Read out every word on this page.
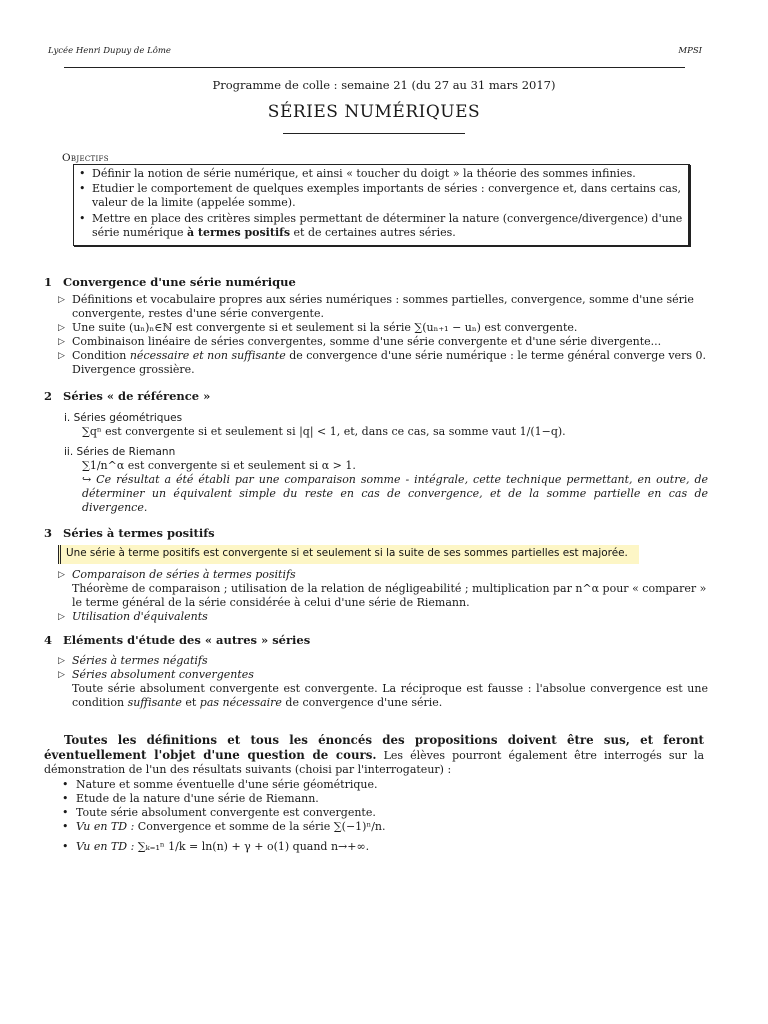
Lycée Henri Dupuy de Lôme	MPSI
Programme de colle : semaine 21 (du 27 au 31 mars 2017)
SÉRIES NUMÉRIQUES
Objectifs
• Définir la notion de série numérique, et ainsi « toucher du doigt » la théorie des sommes infinies.
• Etudier le comportement de quelques exemples importants de séries : convergence et, dans certains cas, valeur de la limite (appelée somme).
• Mettre en place des critères simples permettant de déterminer la nature (convergence/divergence) d'une série numérique à termes positifs et de certaines autres séries.
1 Convergence d'une série numérique
▷ Définitions et vocabulaire propres aux séries numériques : sommes partielles, convergence, somme d'une série convergente, restes d'une série convergente.
▷ Une suite (uₙ)ₙ∈ℕ est convergente si et seulement si la série ∑(uₙ₊₁ − uₙ) est convergente.
▷ Combinaison linéaire de séries convergentes, somme d'une série convergente et d'une série divergente...
▷ Condition nécessaire et non suffisante de convergence d'une série numérique : le terme général converge vers 0. Divergence grossière.
2 Séries « de référence »
i. Séries géométriques
∑qⁿ est convergente si et seulement si |q| < 1, et, dans ce cas, sa somme vaut 1/(1−q).
ii. Séries de Riemann
∑1/n^α est convergente si et seulement si α > 1.
↪ Ce résultat a été établi par une comparaison somme - intégrale, cette technique permettant, en outre, de déterminer un équivalent simple du reste en cas de convergence, et de la somme partielle en cas de divergence.
3 Séries à termes positifs
Une série à terme positifs est convergente si et seulement si la suite de ses sommes partielles est majorée.
▷ Comparaison de séries à termes positifs
Théorème de comparaison ; utilisation de la relation de négligeabilité ; multiplication par n^α pour « comparer » le terme général de la série considérée à celui d'une série de Riemann.
▷ Utilisation d'équivalents
4 Eléments d'étude des « autres » séries
▷ Séries à termes négatifs
▷ Séries absolument convergentes
Toute série absolument convergente est convergente. La réciproque est fausse : l'absolue convergence est une condition suffisante et pas nécessaire de convergence d'une série.
Toutes les définitions et tous les énoncés des propositions doivent être sus, et feront éventuellement l'objet d'une question de cours. Les élèves pourront également être interrogés sur la démonstration de l'un des résultats suivants (choisi par l'interrogateur) :
• Nature et somme éventuelle d'une série géométrique.
• Etude de la nature d'une série de Riemann.
• Toute série absolument convergente est convergente.
• Vu en TD : Convergence et somme de la série ∑(−1)ⁿ/n.
• Vu en TD : ∑ₖ₌₁ⁿ 1/k = ln(n) + γ + o(1) quand n→+∞.
